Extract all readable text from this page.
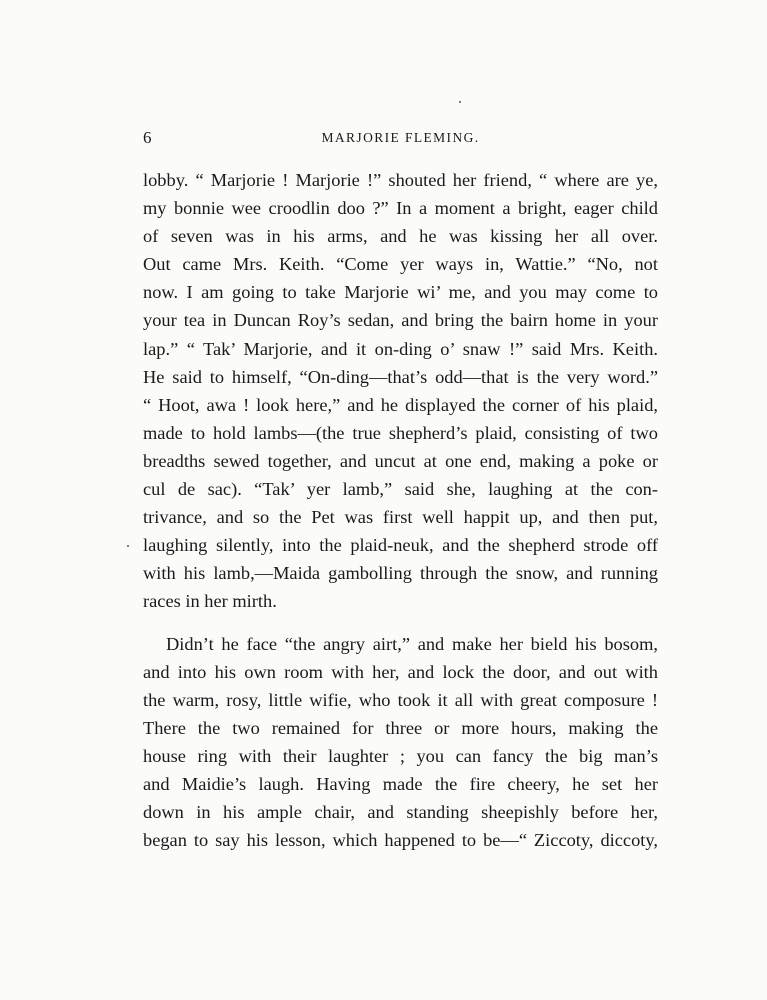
6	MARJORIE FLEMING.
lobby. “ Marjorie ! Marjorie !” shouted her friend, “ where are ye,
my bonnie wee croodlin doo ?” In a moment a bright, eager child
of seven was in his arms, and he was kissing her all over.
Out came Mrs. Keith. “Come yer ways in, Wattie.” “No, not
now. I am going to take Marjorie wi’ me, and you may come to
your tea in Duncan Roy’s sedan, and bring the bairn home in your
lap.” “ Tak’ Marjorie, and it on-ding o’ snaw !” said Mrs. Keith.
He said to himself, “On-ding—that’s odd—that is the very word.”
“ Hoot, awa ! look here,” and he displayed the corner of his plaid,
made to hold lambs—(the true shepherd’s plaid, consisting of two
breadths sewed together, and uncut at one end, making a poke or
cul de sac). “Tak’ yer lamb,” said she, laughing at the con-
trivance, and so the Pet was first well happit up, and then put,
laughing silently, into the plaid-neuk, and the shepherd strode off
with his lamb,—Maida gambolling through the snow, and running
races in her mirth.
Didn’t he face “the angry airt,” and make her bield his bosom,
and into his own room with her, and lock the door, and out with
the warm, rosy, little wifie, who took it all with great composure !
There the two remained for three or more hours, making the
house ring with their laughter ; you can fancy the big man’s
and Maidie’s laugh. Having made the fire cheery, he set her
down in his ample chair, and standing sheepishly before her,
began to say his lesson, which happened to be—“ Ziccoty, diccoty,
